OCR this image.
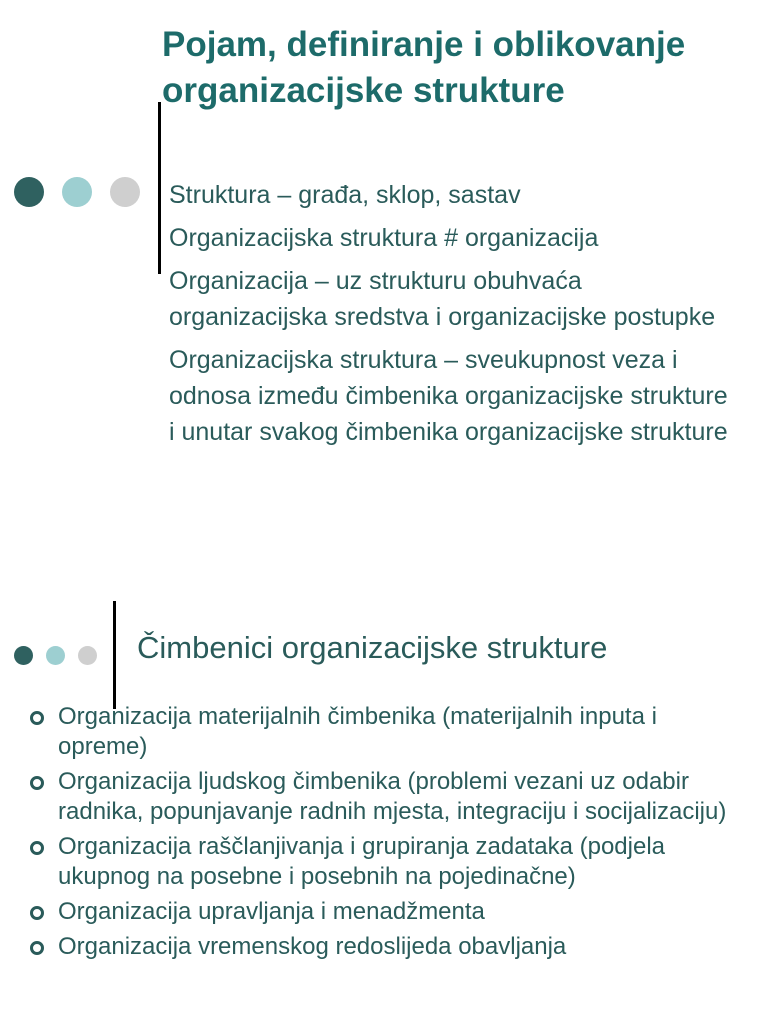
Pojam, definiranje i oblikovanje organizacijske strukture
Struktura – građa, sklop, sastav
Organizacijska struktura # organizacija
Organizacija – uz strukturu obuhvaća organizacijska sredstva i organizacijske postupke
Organizacijska struktura – sveukupnost veza i odnosa između čimbenika organizacijske strukture i unutar svakog čimbenika organizacijske strukture
Čimbenici organizacijske strukture
Organizacija materijalnih čimbenika (materijalnih inputa i opreme)
Organizacija ljudskog čimbenika (problemi vezani uz odabir radnika, popunjavanje radnih mjesta, integraciju i socijalizaciju)
Organizacija raščlanjivanja i grupiranja zadataka (podjela ukupnog na posebne i posebnih na pojedinačne)
Organizacija upravljanja i menadžmenta
Organizacija vremenskog redoslijeda obavljanja
